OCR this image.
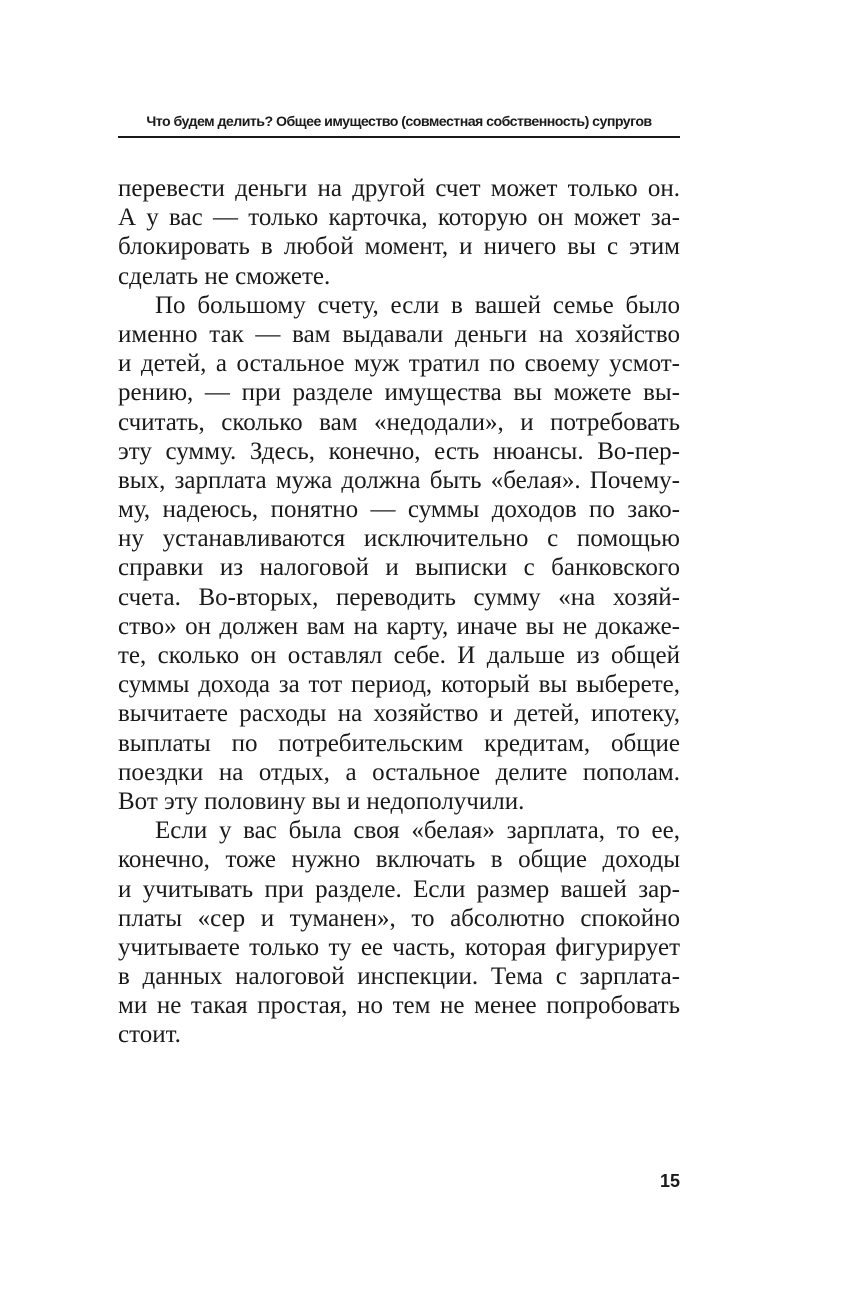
Что будем делить? Общее имущество (совместная собственность) супругов
перевести деньги на другой счет может только он.
А у вас — только карточка, которую он может за-
блокировать в любой момент, и ничего вы с этим
сделать не сможете.
По большому счету, если в вашей семье было
именно так — вам выдавали деньги на хозяйство
и детей, а остальное муж тратил по своему усмот-
рению, — при разделе имущества вы можете вы-
считать, сколько вам «недодали», и потребовать
эту сумму. Здесь, конечно, есть нюансы. Во-пер-
вых, зарплата мужа должна быть «белая». Почему-
му, надеюсь, понятно — суммы доходов по зако-
ну устанавливаются исключительно с помощью
справки из налоговой и выписки с банковского
счета. Во-вторых, переводить сумму «на хозяй-
ство» он должен вам на карту, иначе вы не докаже-
те, сколько он оставлял себе. И дальше из общей
суммы дохода за тот период, который вы выберете,
вычитаете расходы на хозяйство и детей, ипотеку,
выплаты по потребительским кредитам, общие
поездки на отдых, а остальное делите пополам.
Вот эту половину вы и недополучили.
Если у вас была своя «белая» зарплата, то ее,
конечно, тоже нужно включать в общие доходы
и учитывать при разделе. Если размер вашей зар-
платы «сер и туманен», то абсолютно спокойно
учитываете только ту ее часть, которая фигурирует
в данных налоговой инспекции. Тема с зарплата-
ми не такая простая, но тем не менее попробовать
стоит.
15
